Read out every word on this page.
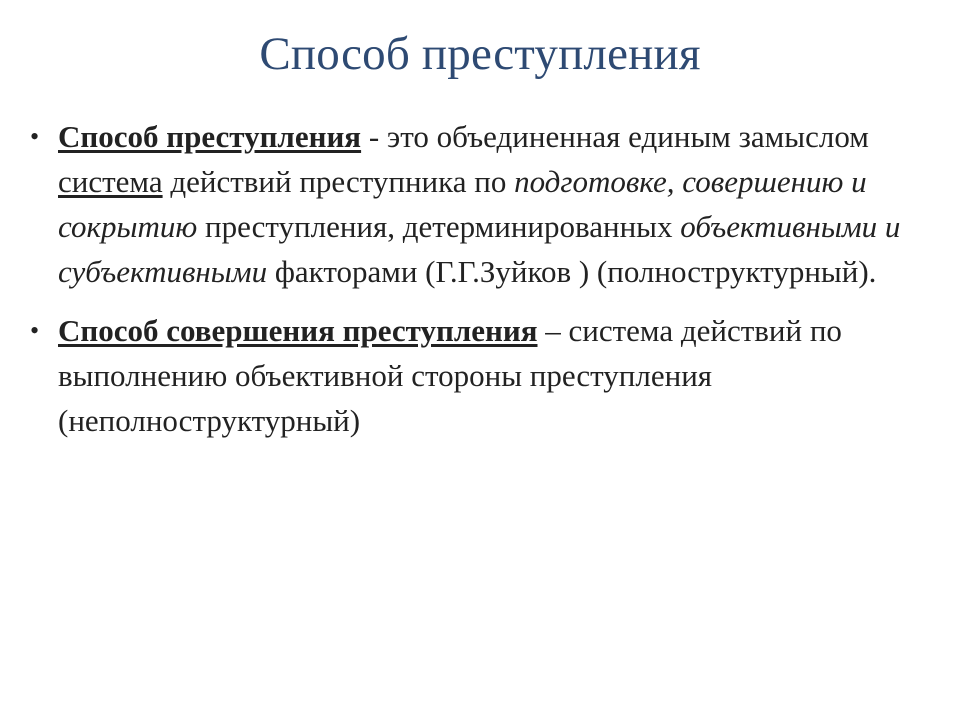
Способ преступления
• Способ преступления - это объединенная единым замыслом система действий преступника по подготовке, совершению и сокрытию преступления, детерминированных объективными и субъективными факторами (Г.Г.Зуйков ) (полноструктурный).
• Способ совершения преступления – система действий по выполнению объективной стороны преступления (неполноструктурный)
